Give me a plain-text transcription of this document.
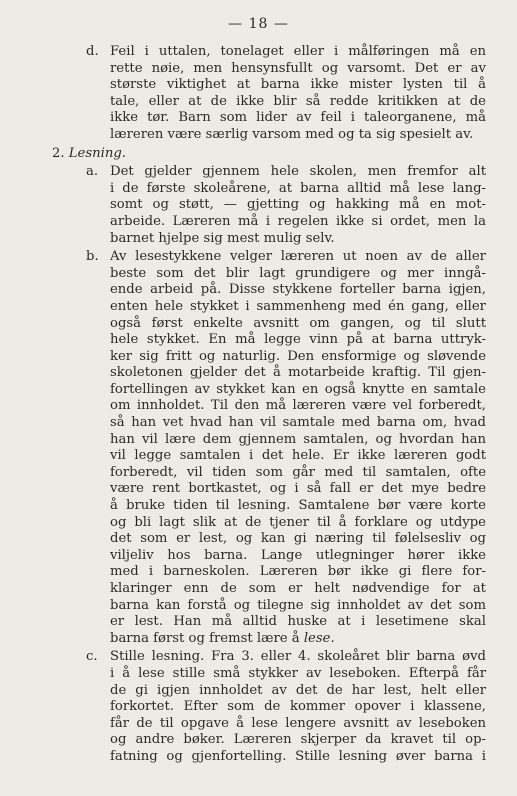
— 18 —
d. Feil i uttalen, tonelaget eller i målføringen må en
rette nøie, men hensynsfullt og varsomt. Det er av
største viktighet at barna ikke mister lysten til å
tale, eller at de ikke blir så redde kritikken at de
ikke tør. Barn som lider av feil i taleorganene, må
læreren være særlig varsom med og ta sig spesielt av.
2. Lesning.
a. Det gjelder gjennem hele skolen, men fremfor alt
i de første skoleårene, at barna alltid må lese lang-
somt og støtt, — gjetting og hakking må en mot-
arbeide. Læreren må i regelen ikke si ordet, men la
barnet hjelpe sig mest mulig selv.
b. Av lesestykkene velger læreren ut noen av de aller
beste som det blir lagt grundigere og mer inngå-
ende arbeid på. Disse stykkene forteller barna igjen,
enten hele stykket i sammenheng med én gang, eller
også først enkelte avsnitt om gangen, og til slutt
hele stykket. En må legge vinn på at barna uttryk-
ker sig fritt og naturlig. Den ensformige og sløvende
skoletonen gjelder det å motarbeide kraftig. Til gjen-
fortellingen av stykket kan en også knytte en samtale
om innholdet. Til den må læreren være vel forberedt,
så han vet hvad han vil samtale med barna om, hvad
han vil lære dem gjennem samtalen, og hvordan han
vil legge samtalen i det hele. Er ikke læreren godt
forberedt, vil tiden som går med til samtalen, ofte
være rent bortkastet, og i så fall er det mye bedre
å bruke tiden til lesning. Samtalene bør være korte
og bli lagt slik at de tjener til å forklare og utdype
det som er lest, og kan gi næring til følelsesliv og
viljeliv hos barna. Lange utlegninger hører ikke
med i barneskolen. Læreren bør ikke gi flere for-
klaringer enn de som er helt nødvendige for at
barna kan forstå og tilegne sig innholdet av det som
er lest. Han må alltid huske at i lesetimene skal
barna først og fremst lære å lese.
c. Stille lesning. Fra 3. eller 4. skoleåret blir barna øvd
i å lese stille små stykker av leseboken. Efterpå får
de gi igjen innholdet av det de har lest, helt eller
forkortet. Efter som de kommer opover i klassene,
får de til opgave å lese lengere avsnitt av leseboken
og andre bøker. Læreren skjerper da kravet til op-
fatning og gjenfortelling. Stille lesning øver barna i
